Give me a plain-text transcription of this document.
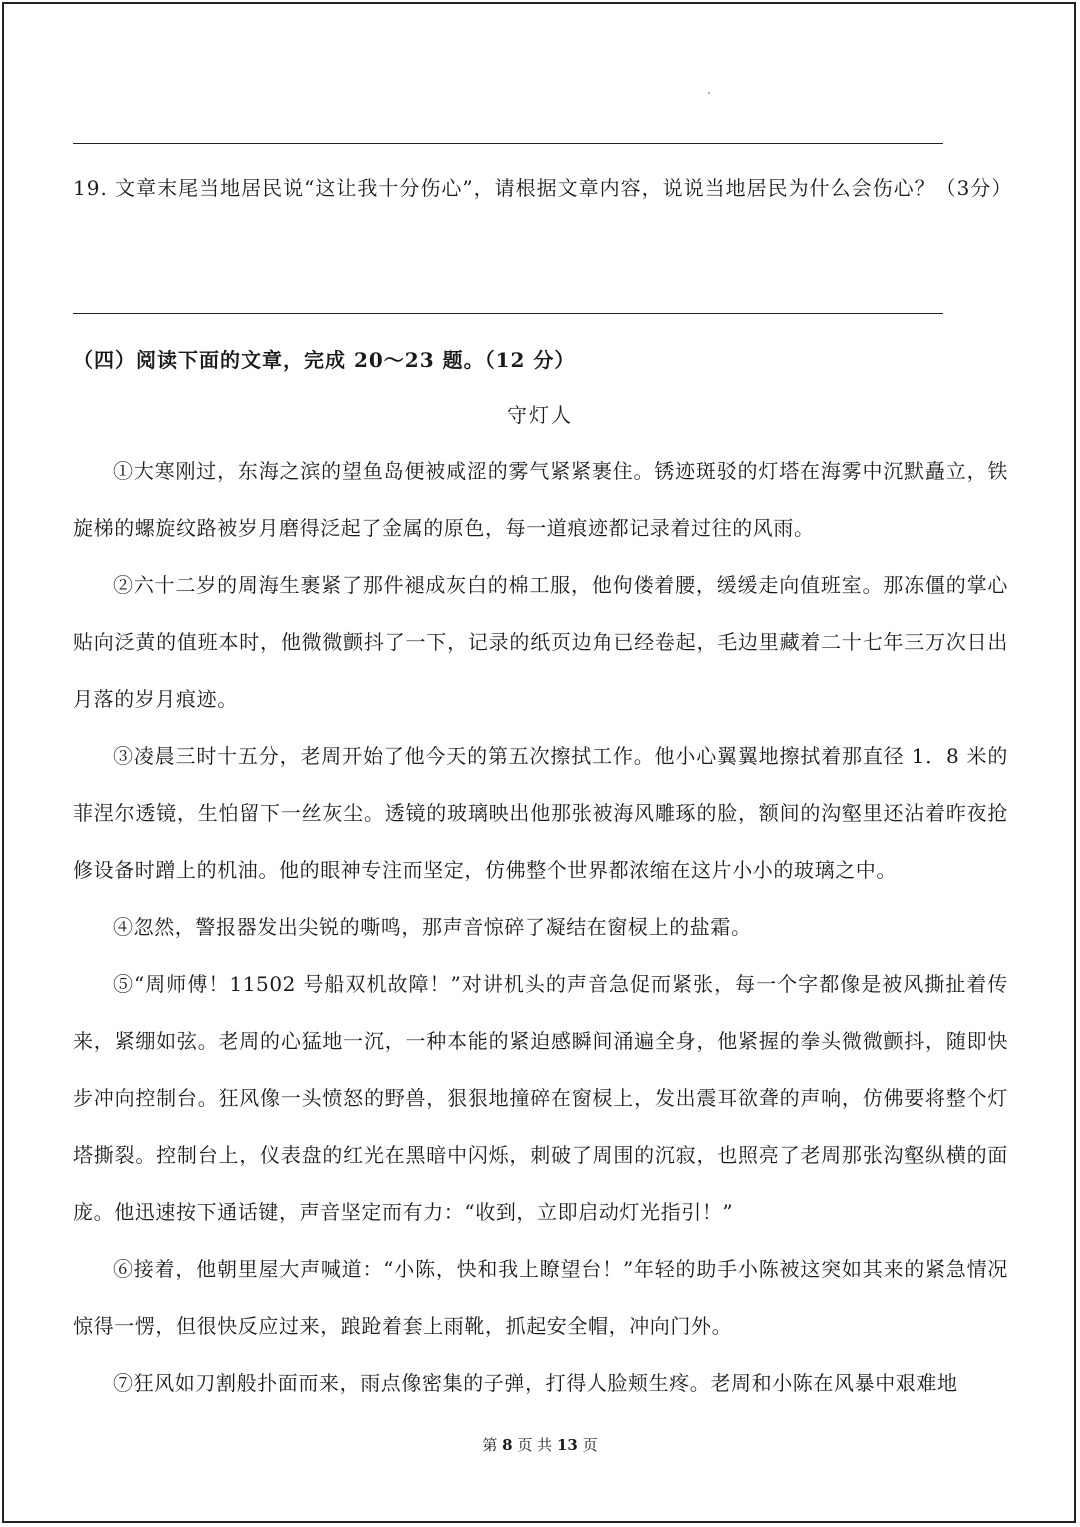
19. 文章末尾当地居民说“这让我十分伤心”，请根据文章内容，说说当地居民为什么会伤心？（3分）
（四）阅读下面的文章，完成 20～23 题。（12 分）
守灯人

①大寒刚过，东海之滨的望鱼岛便被咸涩的雾气紧紧裹住。锈迹斑驳的灯塔在海雾中沉默矗立，铁旋梯的螺旋纹路被岁月磨得泛起了金属的原色，每一道痕迹都记录着过往的风雨。

②六十二岁的周海生裹紧了那件褪成灰白的棉工服，他佝偻着腰，缓缓走向值班室。那冻僵的掌心贴向泛黄的值班本时，他微微颤抖了一下，记录的纸页边角已经卷起，毛边里藏着二十七年三万次日出月落的岁月痕迹。

③凌晨三时十五分，老周开始了他今天的第五次擦拭工作。他小心翼翼地擦拭着那直径 1．8 米的菲涅尔透镜，生怕留下一丝灰尘。透镜的玻璃映出他那张被海风雕琢的脸，额间的沟壑里还沾着昨夜抢修设备时蹭上的机油。他的眼神专注而坚定，仿佛整个世界都浓缩在这片小小的玻璃之中。

④忽然，警报器发出尖锐的嘶鸣，那声音惊碎了凝结在窗棂上的盐霜。

⑤“周师傅！11502 号船双机故障！”对讲机头的声音急促而紧张，每一个字都像是被风撕扯着传来，紧绷如弦。老周的心猛地一沉，一种本能的紧迫感瞬间涌遍全身，他紧握的拳头微微颤抖，随即快步冲向控制台。狂风像一头愤怒的野兽，狠狠地撞碎在窗棂上，发出震耳欲聋的声响，仿佛要将整个灯塔撕裂。控制台上，仪表盘的红光在黑暗中闪烁，刺破了周围的沉寂，也照亮了老周那张沟壑纵横的面庞。他迅速按下通话键，声音坚定而有力：“收到，立即启动灯光指引！”

⑥接着，他朝里屋大声喊道：“小陈，快和我上瞭望台！”年轻的助手小陈被这突如其来的紧急情况惊得一愣，但很快反应过来，踉跄着套上雨靴，抓起安全帽，冲向门外。

⑦狂风如刀割般扑面而来，雨点像密集的子弹，打得人脸颊生疼。老周和小陈在风暴中艰难地

第 8 页 共 13 页
